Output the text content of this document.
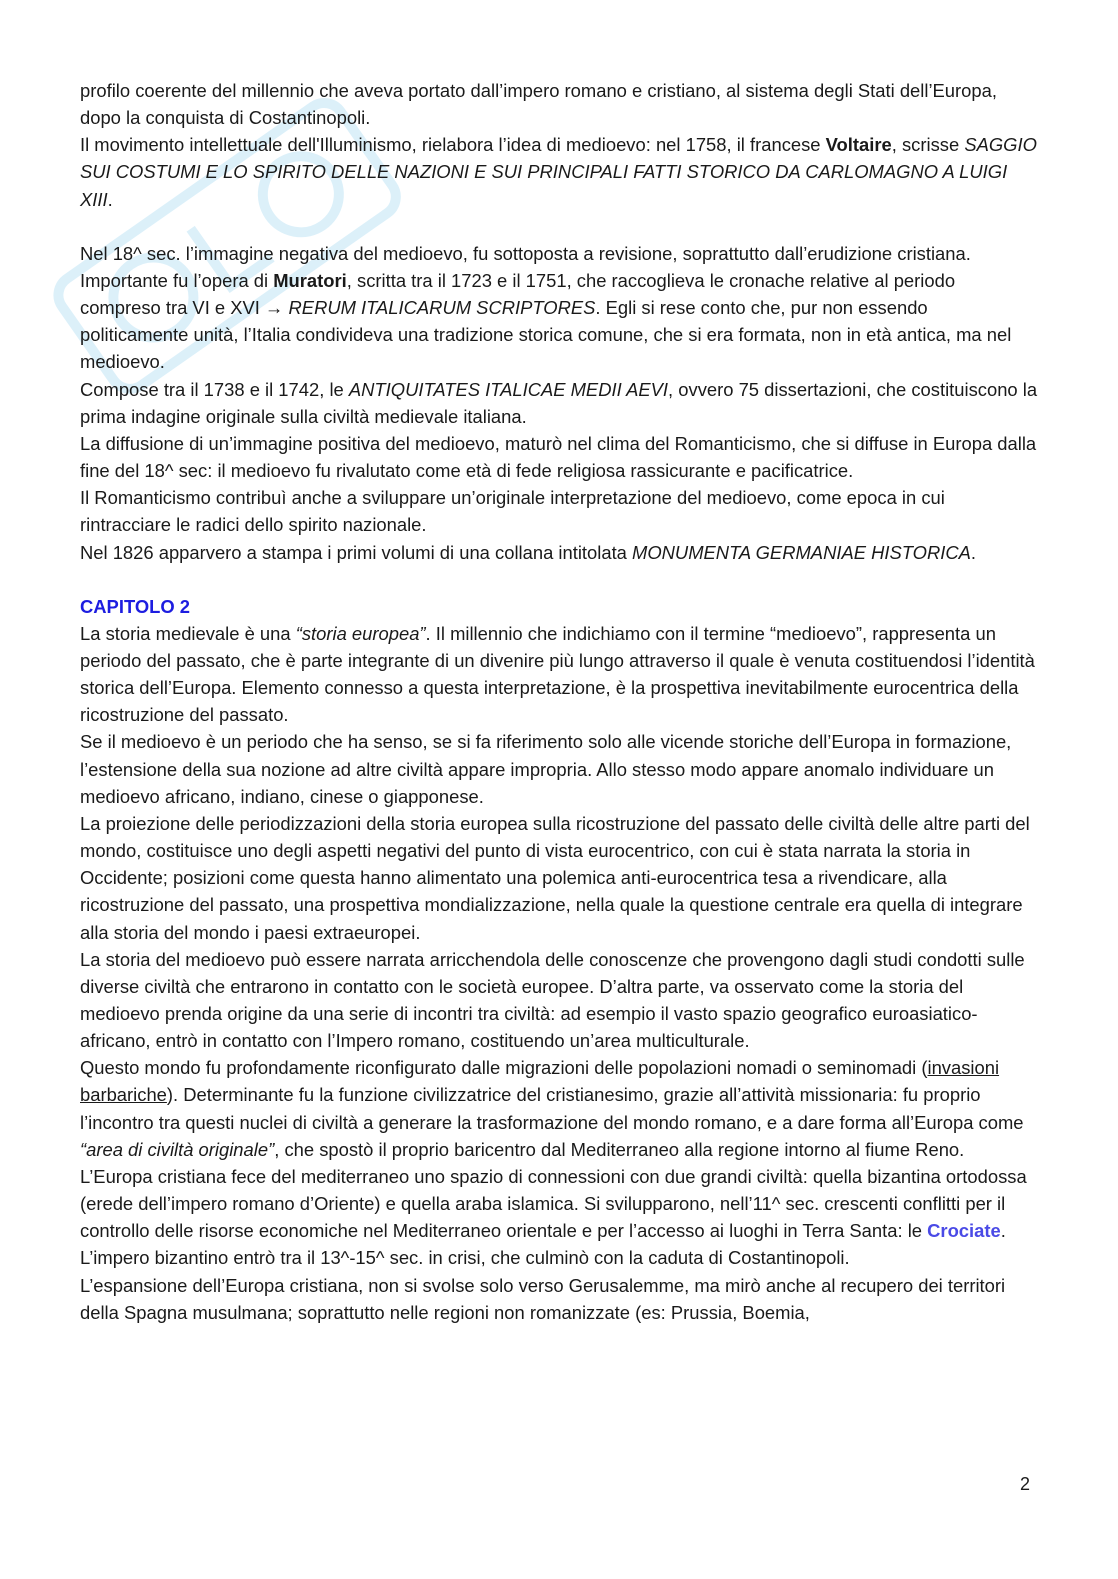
profilo coerente del millennio che aveva portato dall’impero romano e cristiano, al sistema degli Stati dell’Europa, dopo la conquista di Costantinopoli.

Il movimento intellettuale dell'Illuminismo, rielabora l’idea di medioevo: nel 1758, il francese Voltaire, scrisse SAGGIO SUI COSTUMI E LO SPIRITO DELLE NAZIONI E SUI PRINCIPALI FATTI STORICO DA CARLOMAGNO A LUIGI XIII.

Nel 18^ sec. l’immagine negativa del medioevo, fu sottoposta a revisione, soprattutto dall’erudizione cristiana. Importante fu l’opera di Muratori, scritta tra il 1723 e il 1751, che raccoglieva le cronache relative al periodo compreso tra VI e XVI → RERUM ITALICARUM SCRIPTORES. Egli si rese conto che, pur non essendo politicamente unità, l’Italia condivideva una tradizione storica comune, che si era formata, non in età antica, ma nel medioevo.

Compose tra il 1738 e il 1742, le ANTIQUITATES ITALICAE MEDII AEVI, ovvero 75 dissertazioni, che costituiscono la prima indagine originale sulla civiltà medievale italiana.

La diffusione di un’immagine positiva del medioevo, maturò nel clima del Romanticismo, che si diffuse in Europa dalla fine del 18^ sec: il medioevo fu rivalutato come età di fede religiosa rassicurante e pacificatrice.

Il Romanticismo contribuì anche a sviluppare un’originale interpretazione del medioevo, come epoca in cui rintracciare le radici dello spirito nazionale.

Nel 1826 apparvero a stampa i primi volumi di una collana intitolata MONUMENTA GERMANIAE HISTORICA.

CAPITOLO 2

La storia medievale è una “storia europea”. Il millennio che indichiamo con il termine “medioevo”, rappresenta un periodo del passato, che è parte integrante di un divenire più lungo attraverso il quale è venuta costituendosi l’identità storica dell’Europa. Elemento connesso a questa interpretazione, è la prospettiva inevitabilmente eurocentrica della ricostruzione del passato.

Se il medioevo è un periodo che ha senso, se si fa riferimento solo alle vicende storiche dell’Europa in formazione, l’estensione della sua nozione ad altre civiltà appare impropria. Allo stesso modo appare anomalo individuare un medioevo africano, indiano, cinese o giapponese.

La proiezione delle periodizzazioni della storia europea sulla ricostruzione del passato delle civiltà delle altre parti del mondo, costituisce uno degli aspetti negativi del punto di vista eurocentrico, con cui è stata narrata la storia in Occidente; posizioni come questa hanno alimentato una polemica anti-eurocentrica tesa a rivendicare, alla ricostruzione del passato, una prospettiva mondializzazione, nella quale la questione centrale era quella di integrare alla storia del mondo i paesi extraeuropei.

La storia del medioevo può essere narrata arricchendola delle conoscenze che provengono dagli studi condotti sulle diverse civiltà che entrarono in contatto con le società europee. D’altra parte, va osservato come la storia del medioevo prenda origine da una serie di incontri tra civiltà: ad esempio il vasto spazio geografico euroasiatico-africano, entrò in contatto con l’Impero romano, costituendo un’area multiculturale.

Questo mondo fu profondamente riconfigurato dalle migrazioni delle popolazioni nomadi o seminomadi (invasioni barbariche). Determinante fu la funzione civilizzatrice del cristianesimo, grazie all’attività missionaria: fu proprio l’incontro tra questi nuclei di civiltà a generare la trasformazione del mondo romano, e a dare forma all’Europa come “area di civiltà originale”, che spostò il proprio baricentro dal Mediterraneo alla regione intorno al fiume Reno.

L’Europa cristiana fece del mediterraneo uno spazio di connessioni con due grandi civiltà: quella bizantina ortodossa (erede dell’impero romano d’Oriente) e quella araba islamica. Si svilupparono, nell’11^ sec. crescenti conflitti per il controllo delle risorse economiche nel Mediterraneo orientale e per l’accesso ai luoghi in Terra Santa: le Crociate.

L’impero bizantino entrò tra il 13^-15^ sec. in crisi, che culminò con la caduta di Costantinopoli.

L’espansione dell’Europa cristiana, non si svolse solo verso Gerusalemme, ma mirò anche al recupero dei territori della Spagna musulmana; soprattutto nelle regioni non romanizzate (es: Prussia, Boemia,

2
